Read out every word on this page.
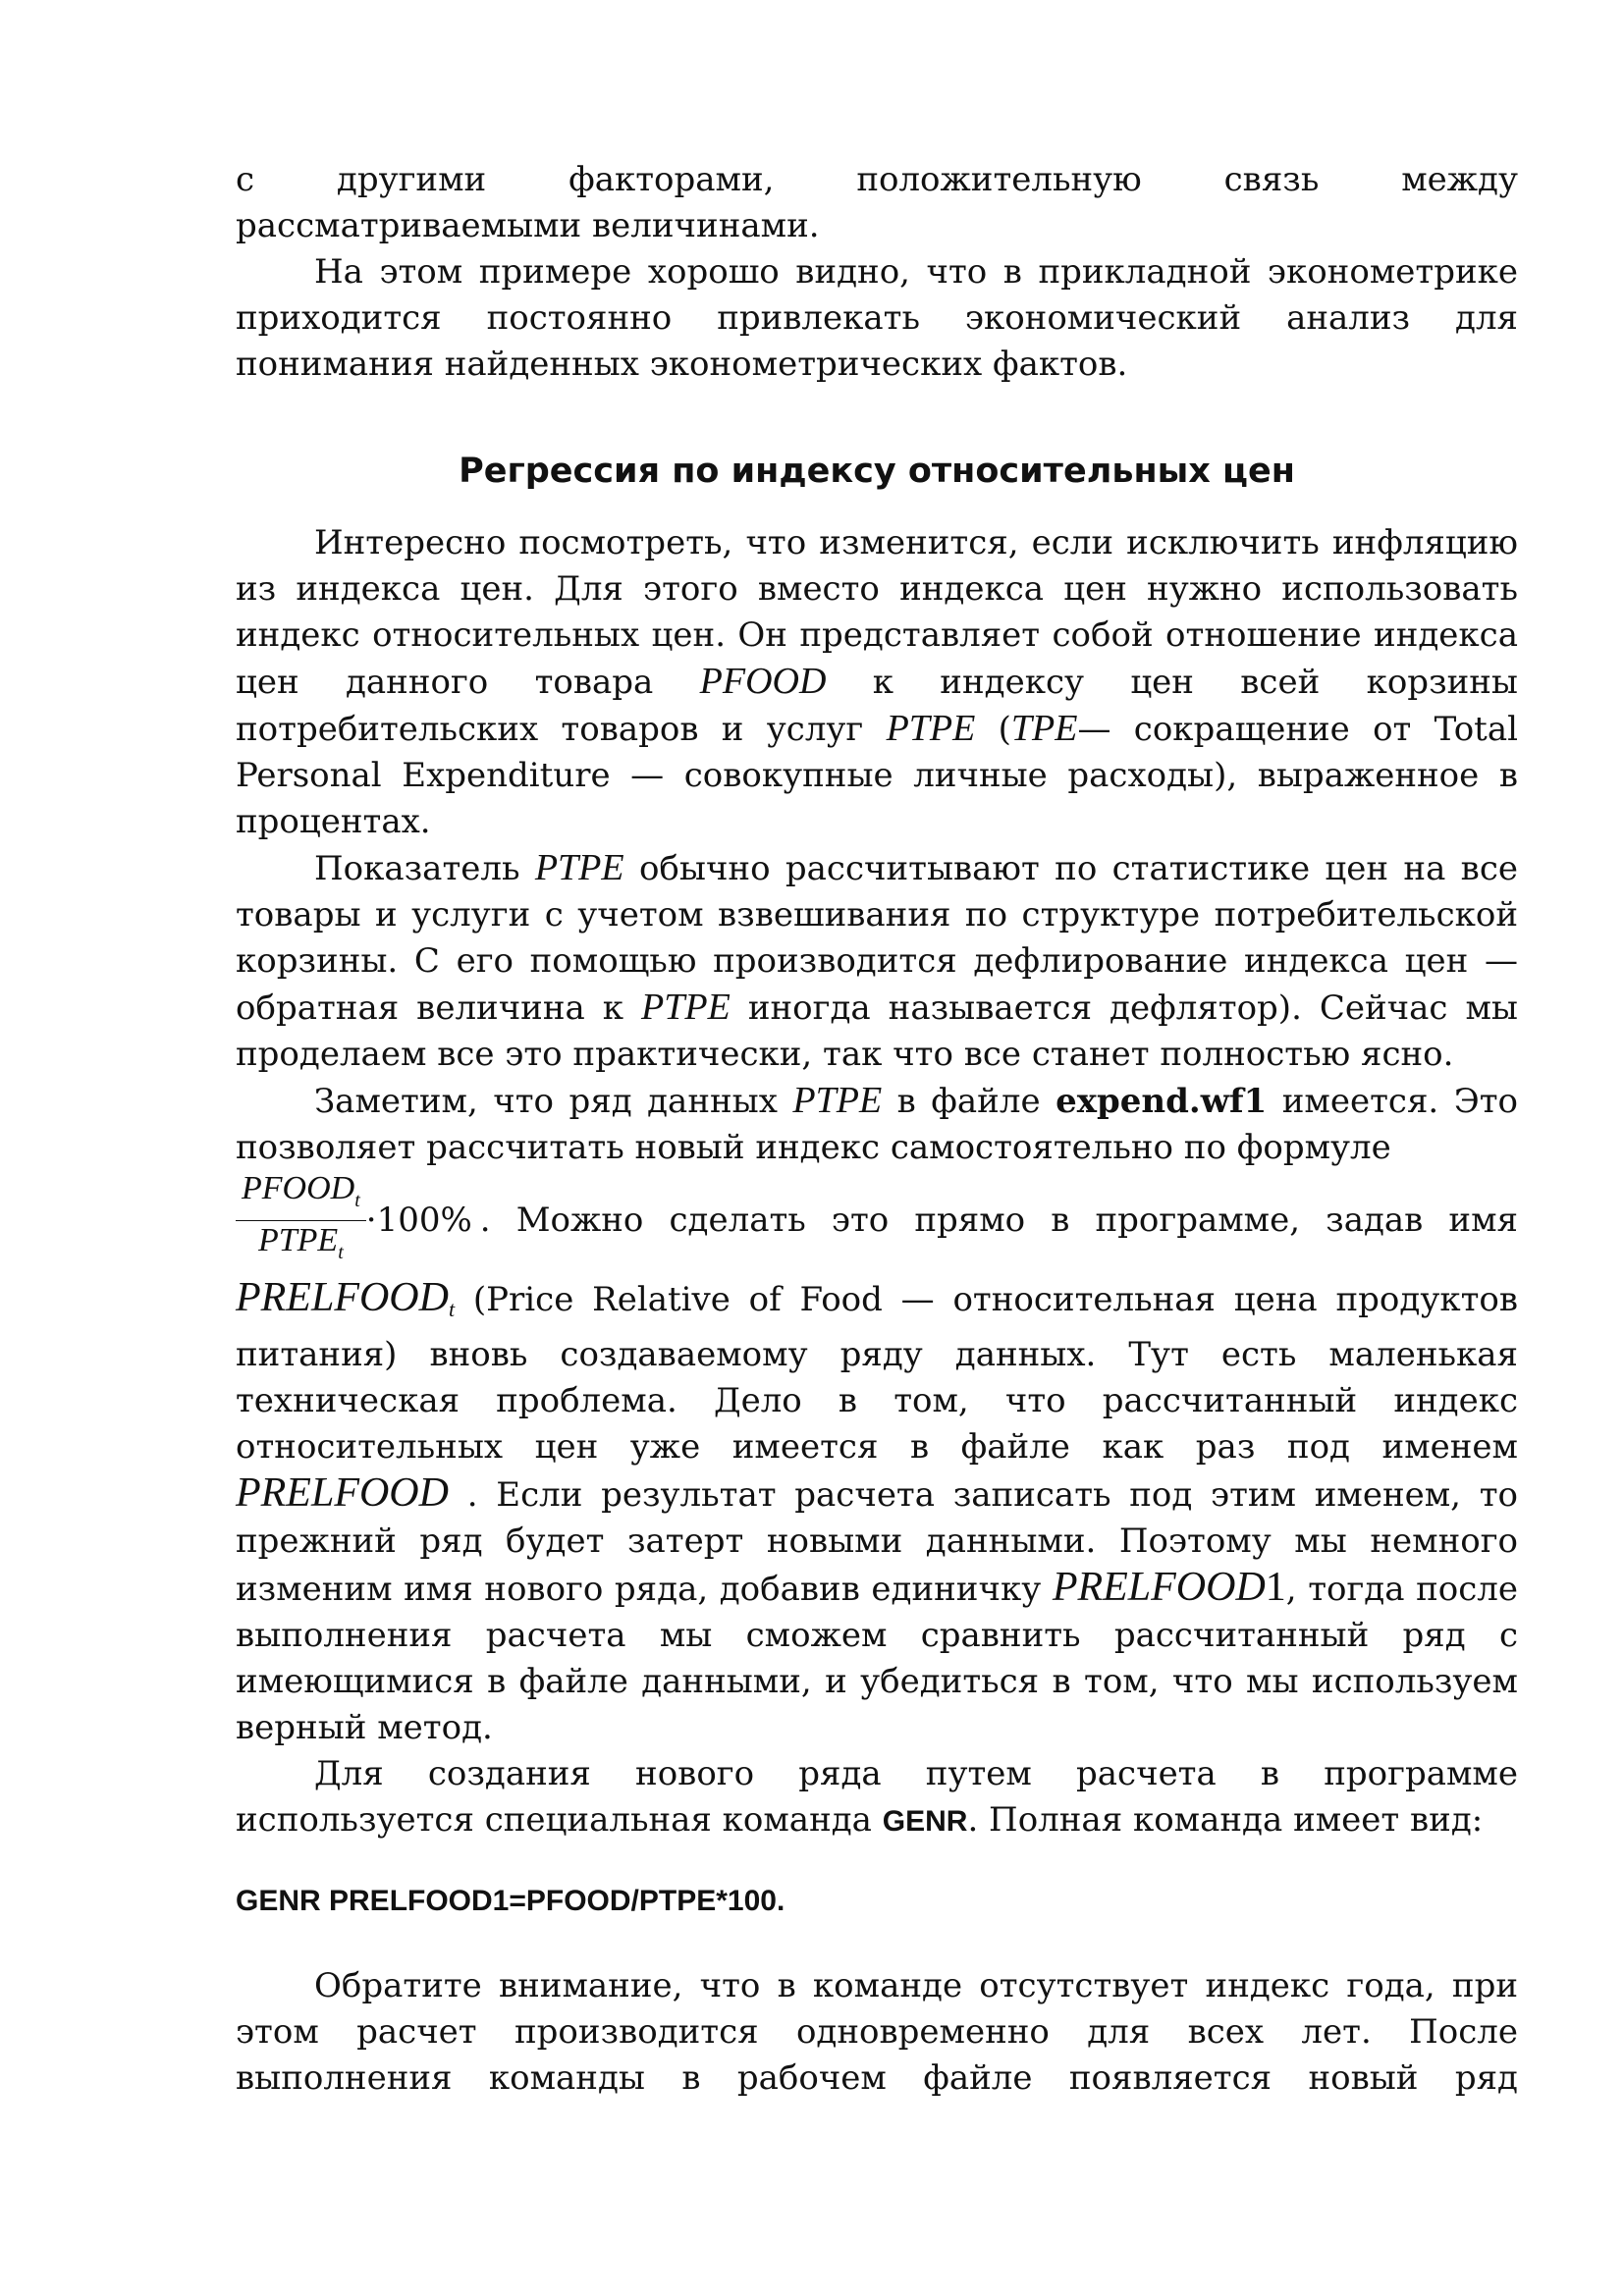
с другими факторами, положительную связь между

рассматриваемыми величинами.

На этом примере хорошо видно, что в прикладной эконометрике приходится постоянно привлекать экономический анализ для понимания найденных эконометрических фактов.

Регрессия по индексу относительных цен

Интересно посмотреть, что изменится, если исключить инфляцию из индекса цен. Для этого вместо индекса цен нужно использовать индекс относительных цен. Он представляет собой отношение индекса цен данного товара PFOOD к индексу цен всей корзины потребительских товаров и услуг PTPE (TPE— сокращение от Total Personal Expenditure — совокупные личные расходы), выраженное в процентах.

Показатель PTPE обычно рассчитывают по статистике цен на все товары и услуги с учетом взвешивания по структуре потребительской корзины. С его помощью производится дефлирование индекса цен — обратная величина к PTPE иногда называется дефлятор). Сейчас мы проделаем все это практически, так что все станет полностью ясно.

Заметим, что ряд данных PTPE в файле expend.wf1 имеется. Это позволяет рассчитать новый индекс самостоятельно по формуле

$\frac{PFOOD_t}{PTPE_t} \cdot 100\%$ . Можно сделать это прямо в программе, задав имя

$PRELFOOD_t$ (Price Relative of Food — относительная цена продуктов питания) вновь создаваемому ряду данных. Тут есть маленькая техническая проблема. Дело в том, что рассчитанный индекс относительных цен уже имеется в файле как раз под именем PRELFOOD . Если результат расчета записать под этим именем, то прежний ряд будет затерт новыми данными. Поэтому мы немного изменим имя нового ряда, добавив единичку PRELFOOD1, тогда после выполнения расчета мы сможем сравнить рассчитанный ряд с имеющимися в файле данными, и убедиться в том, что мы используем верный метод.

Для создания нового ряда путем расчета в программе используется специальная команда GENR. Полная команда имеет вид:

GENR PRELFOOD1=PFOOD/PTPE*100.

Обратите внимание, что в команде отсутствует индекс года, при этом расчет производится одновременно для всех лет. После выполнения команды в рабочем файле появляется новый ряд
